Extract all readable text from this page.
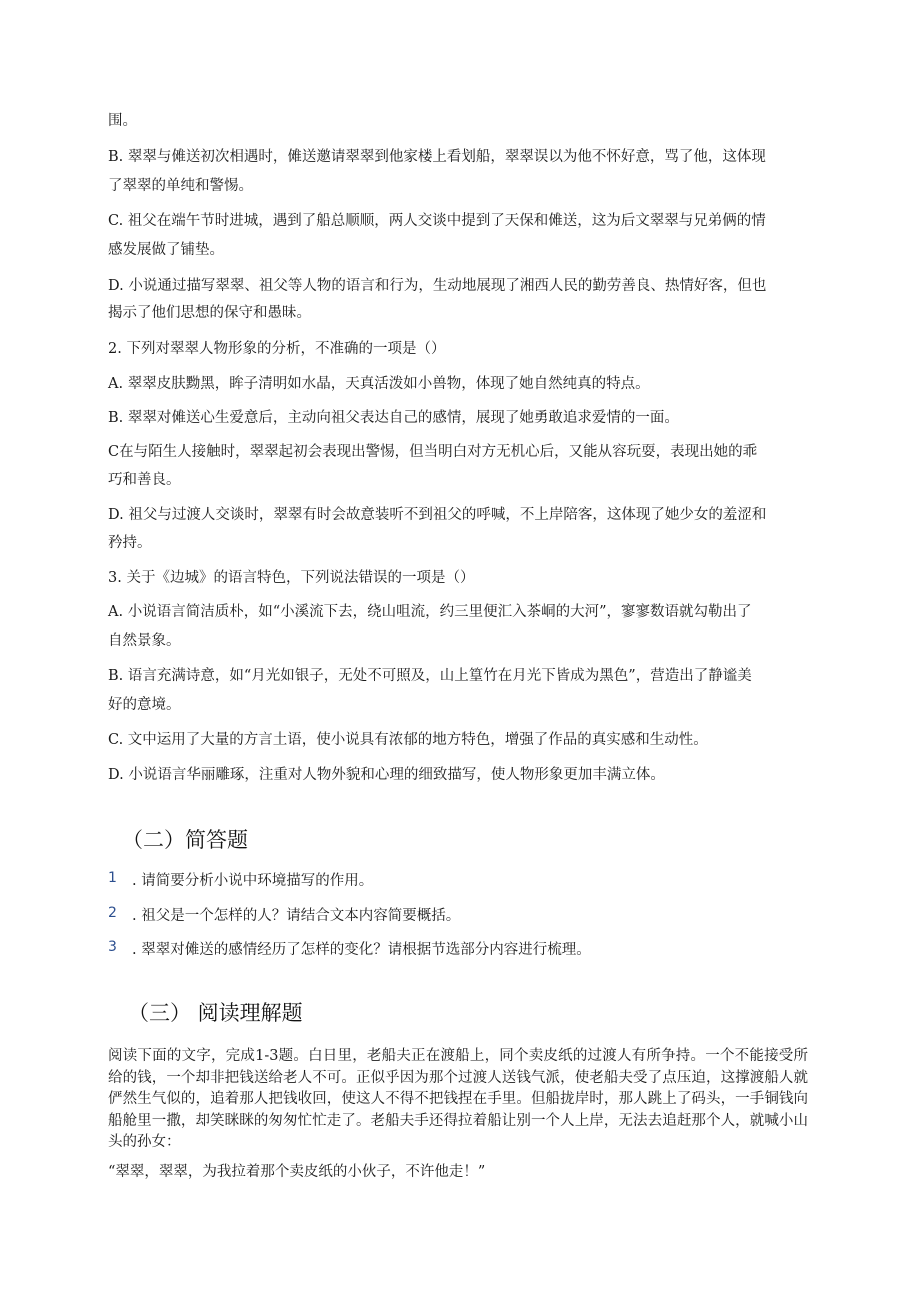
围。
B. 翠翠与傩送初次相遇时，傩送邀请翠翠到他家楼上看划船，翠翠误以为他不怀好意，骂了他，这体现
了翠翠的单纯和警惕。
C. 祖父在端午节时进城，遇到了船总顺顺，两人交谈中提到了天保和傩送，这为后文翠翠与兄弟俩的情
感发展做了铺垫。
D. 小说通过描写翠翠、祖父等人物的语言和行为，生动地展现了湘西人民的勤劳善良、热情好客，但也
揭示了他们思想的保守和愚昧。
2. 下列对翠翠人物形象的分析，不准确的一项是（）
A. 翠翠皮肤黝黑，眸子清明如水晶，天真活泼如小兽物，体现了她自然纯真的特点。
B. 翠翠对傩送心生爱意后，主动向祖父表达自己的感情，展现了她勇敢追求爱情的一面。
C在与陌生人接触时，翠翠起初会表现出警惕，但当明白对方无机心后，又能从容玩耍，表现出她的乖
巧和善良。
D. 祖父与过渡人交谈时，翠翠有时会故意装听不到祖父的呼喊，不上岸陪客，这体现了她少女的羞涩和
矜持。
3. 关于《边城》的语言特色，下列说法错误的一项是（）
A. 小说语言简洁质朴，如“小溪流下去，绕山咀流，约三里便汇入茶峒的大河”，寥寥数语就勾勒出了
自然景象。
B. 语言充满诗意，如“月光如银子，无处不可照及，山上篁竹在月光下皆成为黑色”，营造出了静谧美
好的意境。
C. 文中运用了大量的方言土语，使小说具有浓郁的地方特色，增强了作品的真实感和生动性。
D. 小说语言华丽雕琢，注重对人物外貌和心理的细致描写，使人物形象更加丰满立体。
（二）简答题
1 . 请简要分析小说中环境描写的作用。
2 . 祖父是一个怎样的人？请结合文本内容简要概括。
3 . 翠翠对傩送的感情经历了怎样的变化？请根据节选部分内容进行梳理。
（三） 阅读理解题
阅读下面的文字，完成1-3题。白日里，老船夫正在渡船上，同个卖皮纸的过渡人有所争持。一个不能接受所给的钱，一个却非把钱送给老人不可。正似乎因为那个过渡人送钱气派，使老船夫受了点压迫，这撑渡船人就俨然生气似的，追着那人把钱收回，使这人不得不把钱捏在手里。但船拢岸时，那人跳上了码头，一手铜钱向船舱里一撒，却笑眯眯的匆匆忙忙走了。老船夫手还得拉着船让别一个人上岸，无法去追赶那个人，就喊小山头的孙女：
“翠翠，翠翠，为我拉着那个卖皮纸的小伙子，不许他走！”
